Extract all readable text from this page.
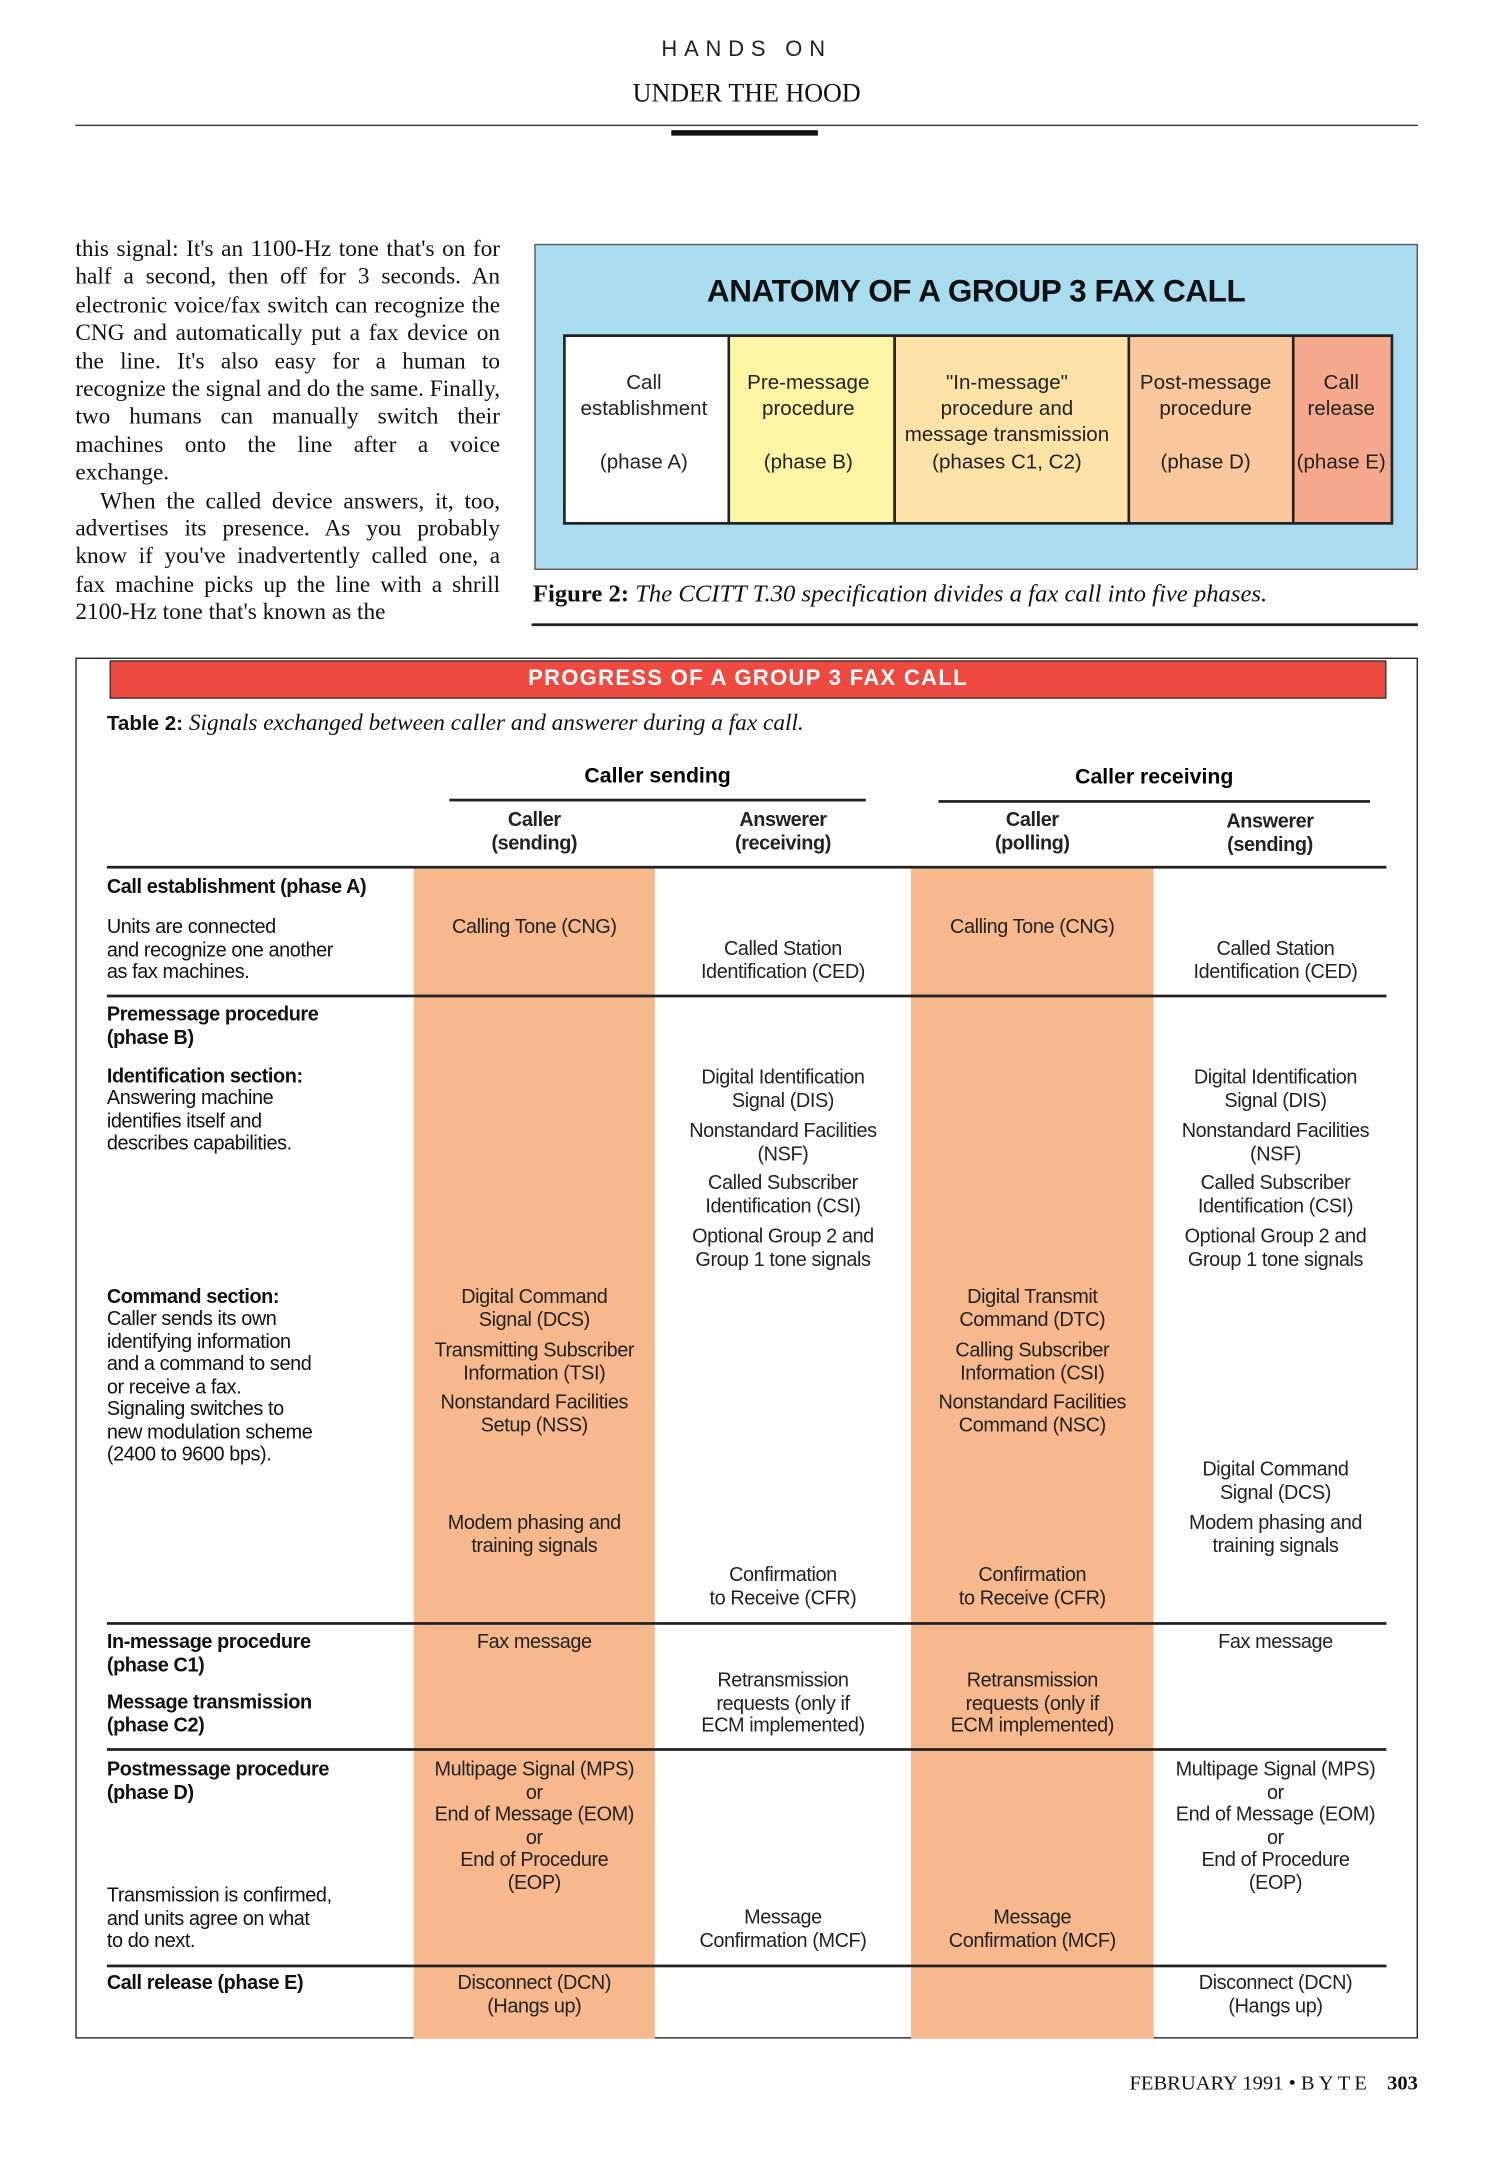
HANDS ON
UNDER THE HOOD
this signal: It's an 1100-Hz tone that's on for half a second, then off for 3 seconds. An electronic voice/fax switch can recognize the CNG and automatically put a fax device on the line. It's also easy for a human to recognize the signal and do the same. Finally, two humans can manually switch their machines onto the line after a voice exchange.
When the called device answers, it, too, advertises its presence. As you probably know if you've inadvertently called one, a fax machine picks up the line with a shrill 2100-Hz tone that's known as the
ANATOMY OF A GROUP 3 FAX CALL
Call
establishment
(phase A)
Pre-message
procedure
(phase B)
"In-message"
procedure and
message transmission
(phases C1, C2)
Post-message
procedure
(phase D)
Call
release
(phase E)
Figure 2: The CCITT T.30 specification divides a fax call into five phases.
PROGRESS OF A GROUP 3 FAX CALL
Table 2: Signals exchanged between caller and answerer during a fax call.
Caller sending	Caller receiving
Caller
(sending)
Answerer
(receiving)
Caller
(polling)
Answerer
(sending)
Call establishment (phase A)
Units are connected
and recognize one another
as fax machines.
Premessage procedure
(phase B)
Identification section:
Answering machine
identifies itself and
describes capabilities.
Command section:
Caller sends its own
identifying information
and a command to send
or receive a fax.
Signaling switches to
new modulation scheme
(2400 to 9600 bps).
In-message procedure
(phase C1)
Message transmission
(phase C2)
Postmessage procedure
(phase D)
Transmission is confirmed,
and units agree on what
to do next.
Call release (phase E)
Calling Tone (CNG)
Digital Command
Signal (DCS)
Transmitting Subscriber
Information (TSI)
Nonstandard Facilities
Setup (NSS)
Modem phasing and
training signals
Fax message
Multipage Signal (MPS)
or
End of Message (EOM)
or
End of Procedure
(EOP)
Disconnect (DCN)
(Hangs up)
Called Station
Identification (CED)
Digital Identification
Signal (DIS)
Nonstandard Facilities
(NSF)
Called Subscriber
Identification (CSI)
Optional Group 2 and
Group 1 tone signals
Confirmation
to Receive (CFR)
Retransmission
requests (only if
ECM implemented)
Message
Confirmation (MCF)
Calling Tone (CNG)
Digital Transmit
Command (DTC)
Calling Subscriber
Information (CSI)
Nonstandard Facilities
Command (NSC)
Confirmation
to Receive (CFR)
Retransmission
requests (only if
ECM implemented)
Message
Confirmation (MCF)
Called Station
Identification (CED)
Digital Identification
Signal (DIS)
Nonstandard Facilities
(NSF)
Called Subscriber
Identification (CSI)
Optional Group 2 and
Group 1 tone signals
Digital Command
Signal (DCS)
Modem phasing and
training signals
Fax message
Multipage Signal (MPS)
or
End of Message (EOM)
or
End of Procedure
(EOP)
Disconnect (DCN)
(Hangs up)
FEBRUARY 1991 • BYTE 303
